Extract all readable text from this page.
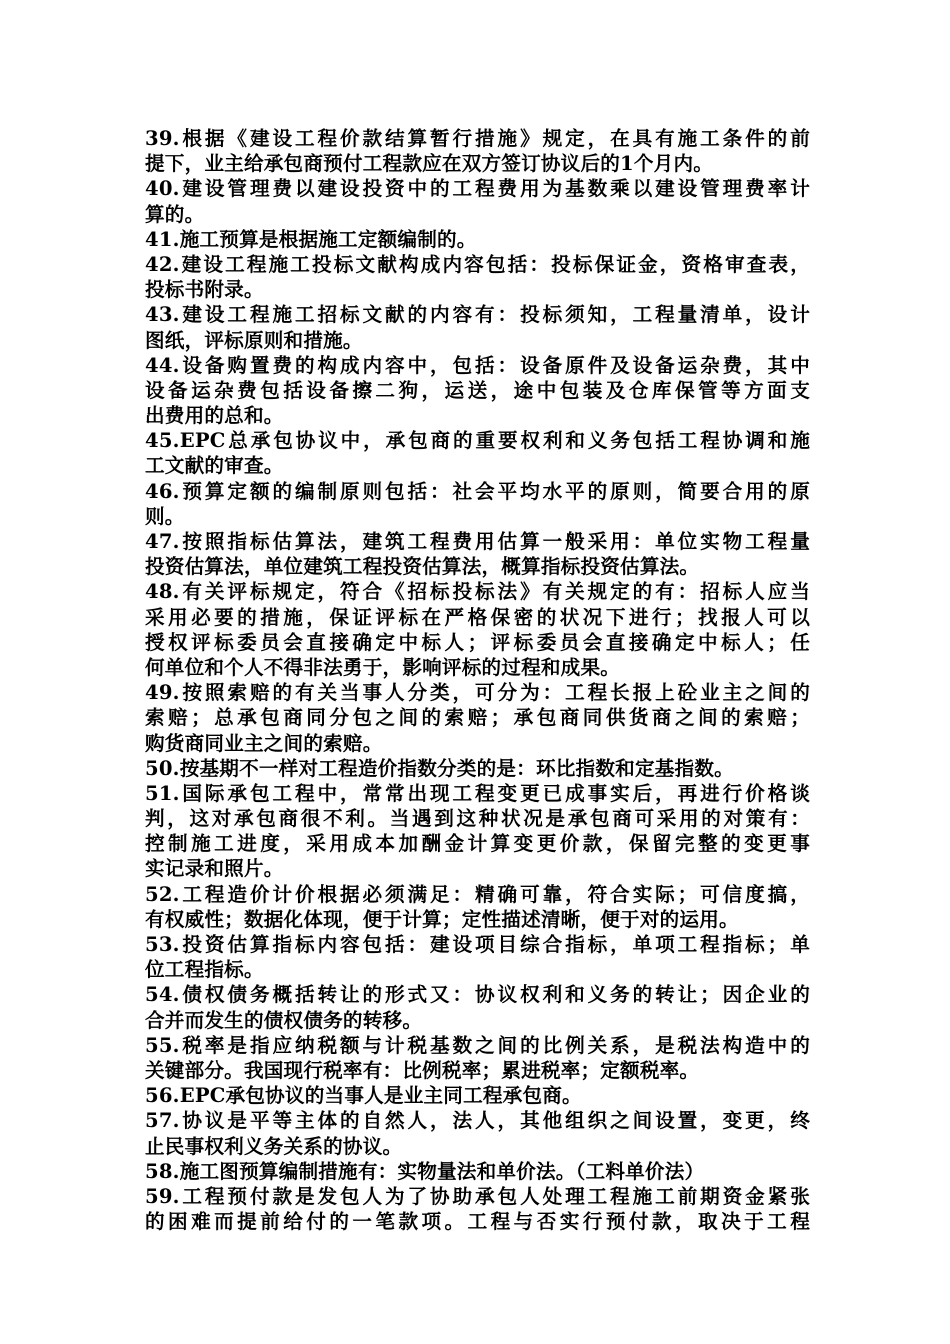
39.根据《建设工程价款结算暂行措施》规定，在具有施工条件的前
提下，业主给承包商预付工程款应在双方签订协议后的1个月内。
40.建设管理费以建设投资中的工程费用为基数乘以建设管理费率计
算的。
41.施工预算是根据施工定额编制的。
42.建设工程施工投标文献构成内容包括：投标保证金，资格审查表，
投标书附录。
43.建设工程施工招标文献的内容有：投标须知，工程量清单，设计
图纸，评标原则和措施。
44.设备购置费的构成内容中，包括：设备原件及设备运杂费，其中
设备运杂费包括设备擦二狗，运送，途中包装及仓库保管等方面支
出费用的总和。
45.EPC总承包协议中，承包商的重要权利和义务包括工程协调和施
工文献的审查。
46.预算定额的编制原则包括：社会平均水平的原则，简要合用的原
则。
47.按照指标估算法，建筑工程费用估算一般采用：单位实物工程量
投资估算法，单位建筑工程投资估算法，概算指标投资估算法。
48.有关评标规定，符合《招标投标法》有关规定的有：招标人应当
采用必要的措施，保证评标在严格保密的状况下进行；找报人可以
授权评标委员会直接确定中标人；评标委员会直接确定中标人；任
何单位和个人不得非法勇于，影响评标的过程和成果。
49.按照索赔的有关当事人分类，可分为：工程长报上砼业主之间的
索赔；总承包商同分包之间的索赔；承包商同供货商之间的索赔；
购货商同业主之间的索赔。
50.按基期不一样对工程造价指数分类的是：环比指数和定基指数。
51.国际承包工程中，常常出现工程变更已成事实后，再进行价格谈
判，这对承包商很不利。当遇到这种状况是承包商可采用的对策有：
控制施工进度，采用成本加酬金计算变更价款，保留完整的变更事
实记录和照片。
52.工程造价计价根据必须满足：精确可靠，符合实际；可信度搞，
有权威性；数据化体现，便于计算；定性描述清晰，便于对的运用。
53.投资估算指标内容包括：建设项目综合指标，单项工程指标；单
位工程指标。
54.债权债务概括转让的形式又：协议权利和义务的转让；因企业的
合并而发生的债权债务的转移。
55.税率是指应纳税额与计税基数之间的比例关系，是税法构造中的
关键部分。我国现行税率有：比例税率；累进税率；定额税率。
56.EPC承包协议的当事人是业主同工程承包商。
57.协议是平等主体的自然人，法人，其他组织之间设置，变更，终
止民事权利义务关系的协议。
58.施工图预算编制措施有：实物量法和单价法。（工料单价法）
59.工程预付款是发包人为了协助承包人处理工程施工前期资金紧张
的困难而提前给付的一笔款项。工程与否实行预付款，取决于工程
